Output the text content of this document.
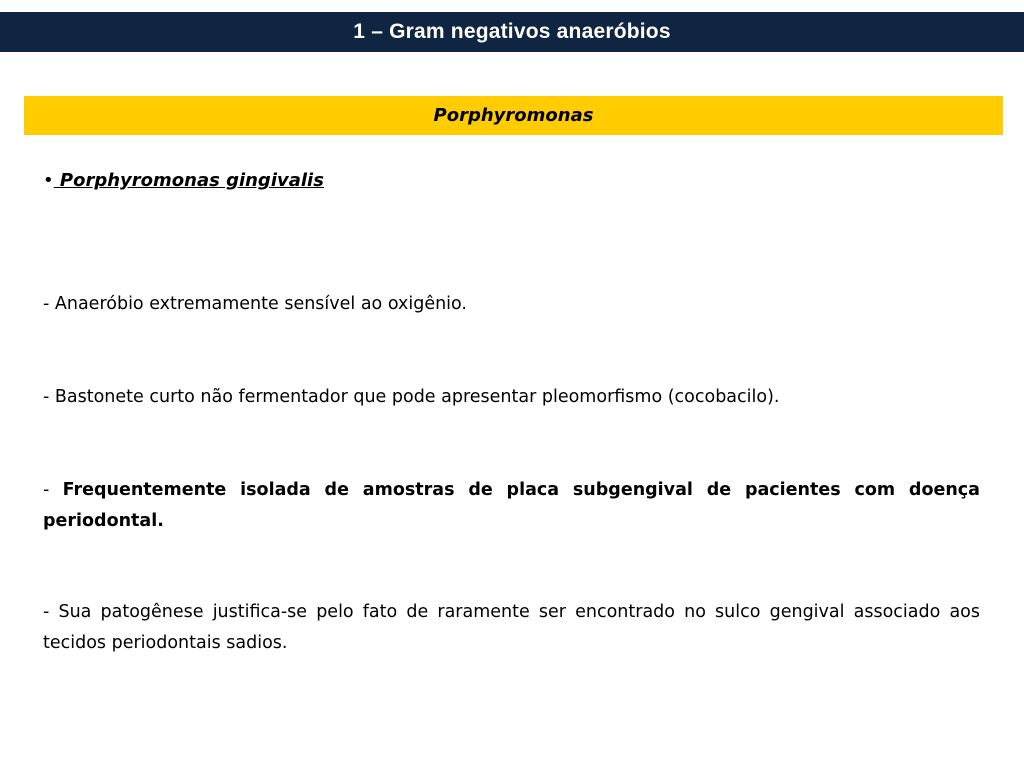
1 – Gram negativos anaeróbios
Porphyromonas
• Porphyromonas gingivalis
- Anaeróbio extremamente sensível ao oxigênio.
- Bastonete curto não fermentador que pode apresentar pleomorfismo (cocobacilo).
- Frequentemente isolada de amostras de placa subgengival de pacientes com doença periodontal.
- Sua patogênese justifica-se pelo fato de raramente ser encontrado no sulco gengival associado aos tecidos periodontais sadios.
